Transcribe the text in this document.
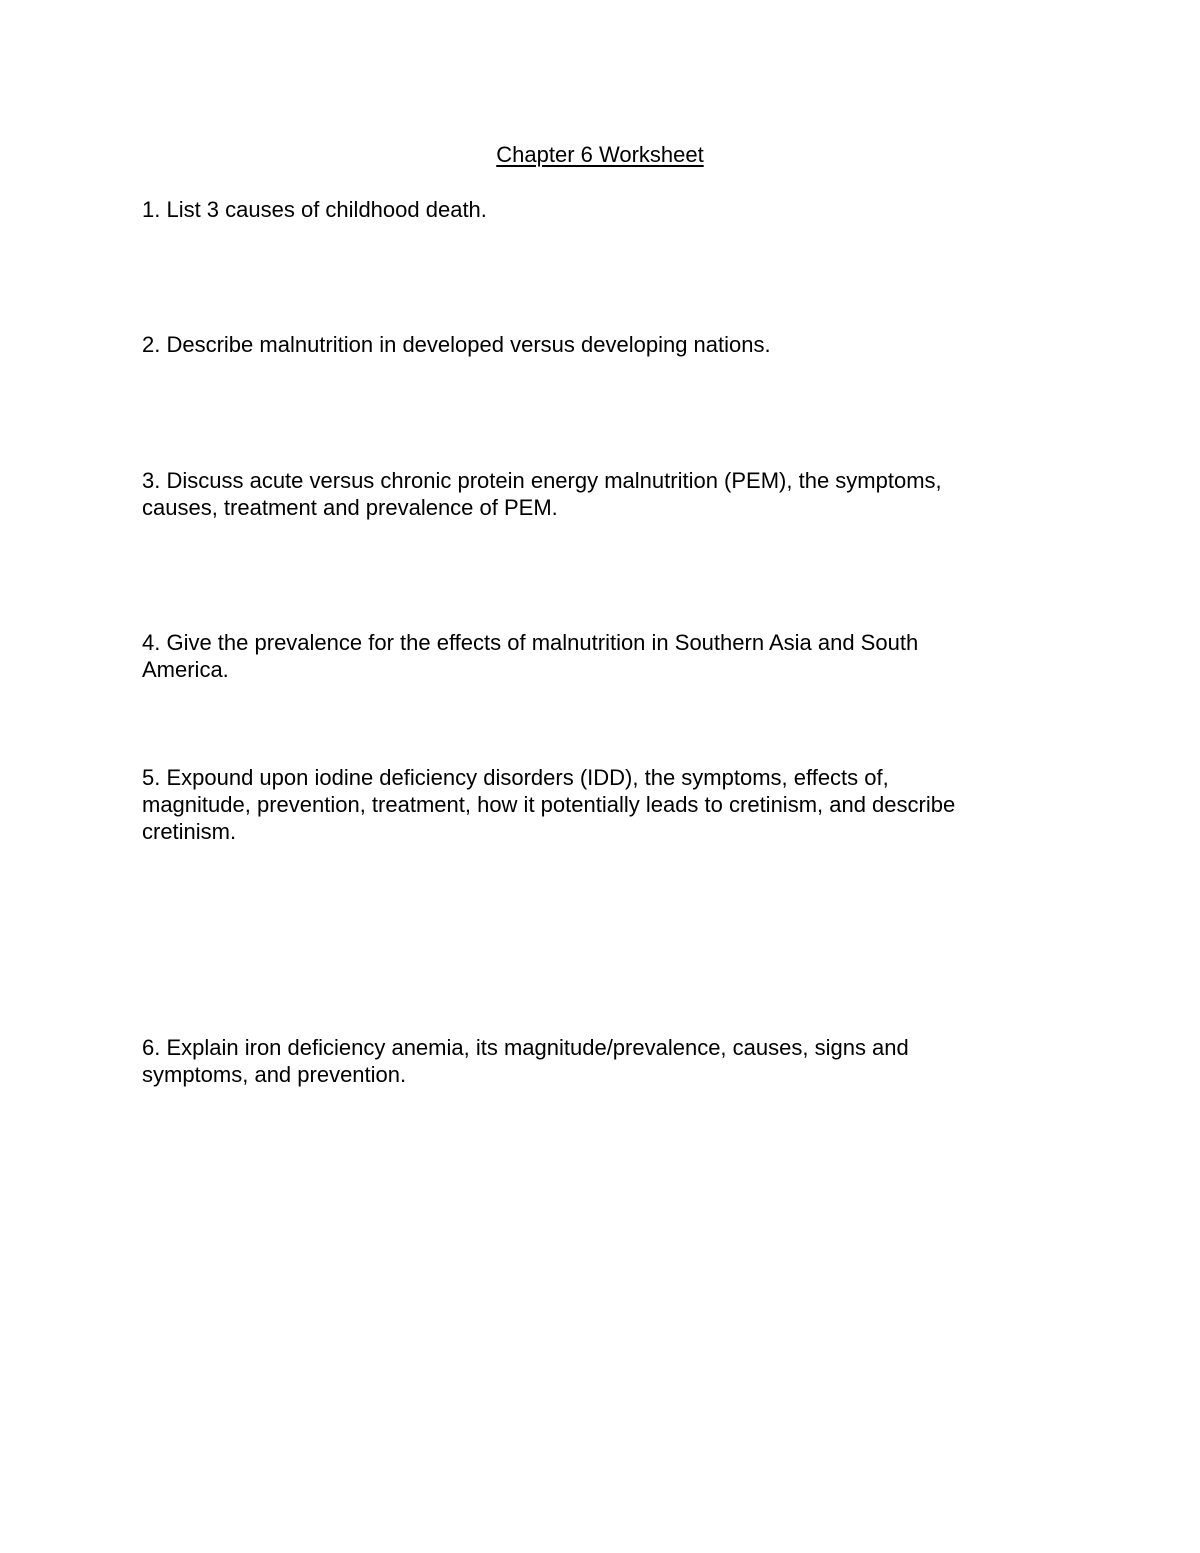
Chapter 6 Worksheet
1. List 3 causes of childhood death.
2. Describe malnutrition in developed versus developing nations.
3. Discuss acute versus chronic protein energy malnutrition (PEM), the symptoms,
causes, treatment and prevalence of PEM.
4. Give the prevalence for the effects of malnutrition in Southern Asia and South
America.
5. Expound upon iodine deficiency disorders (IDD), the symptoms, effects of,
magnitude, prevention, treatment, how it potentially leads to cretinism, and describe
cretinism.
6. Explain iron deficiency anemia, its magnitude/prevalence, causes, signs and
symptoms, and prevention.
